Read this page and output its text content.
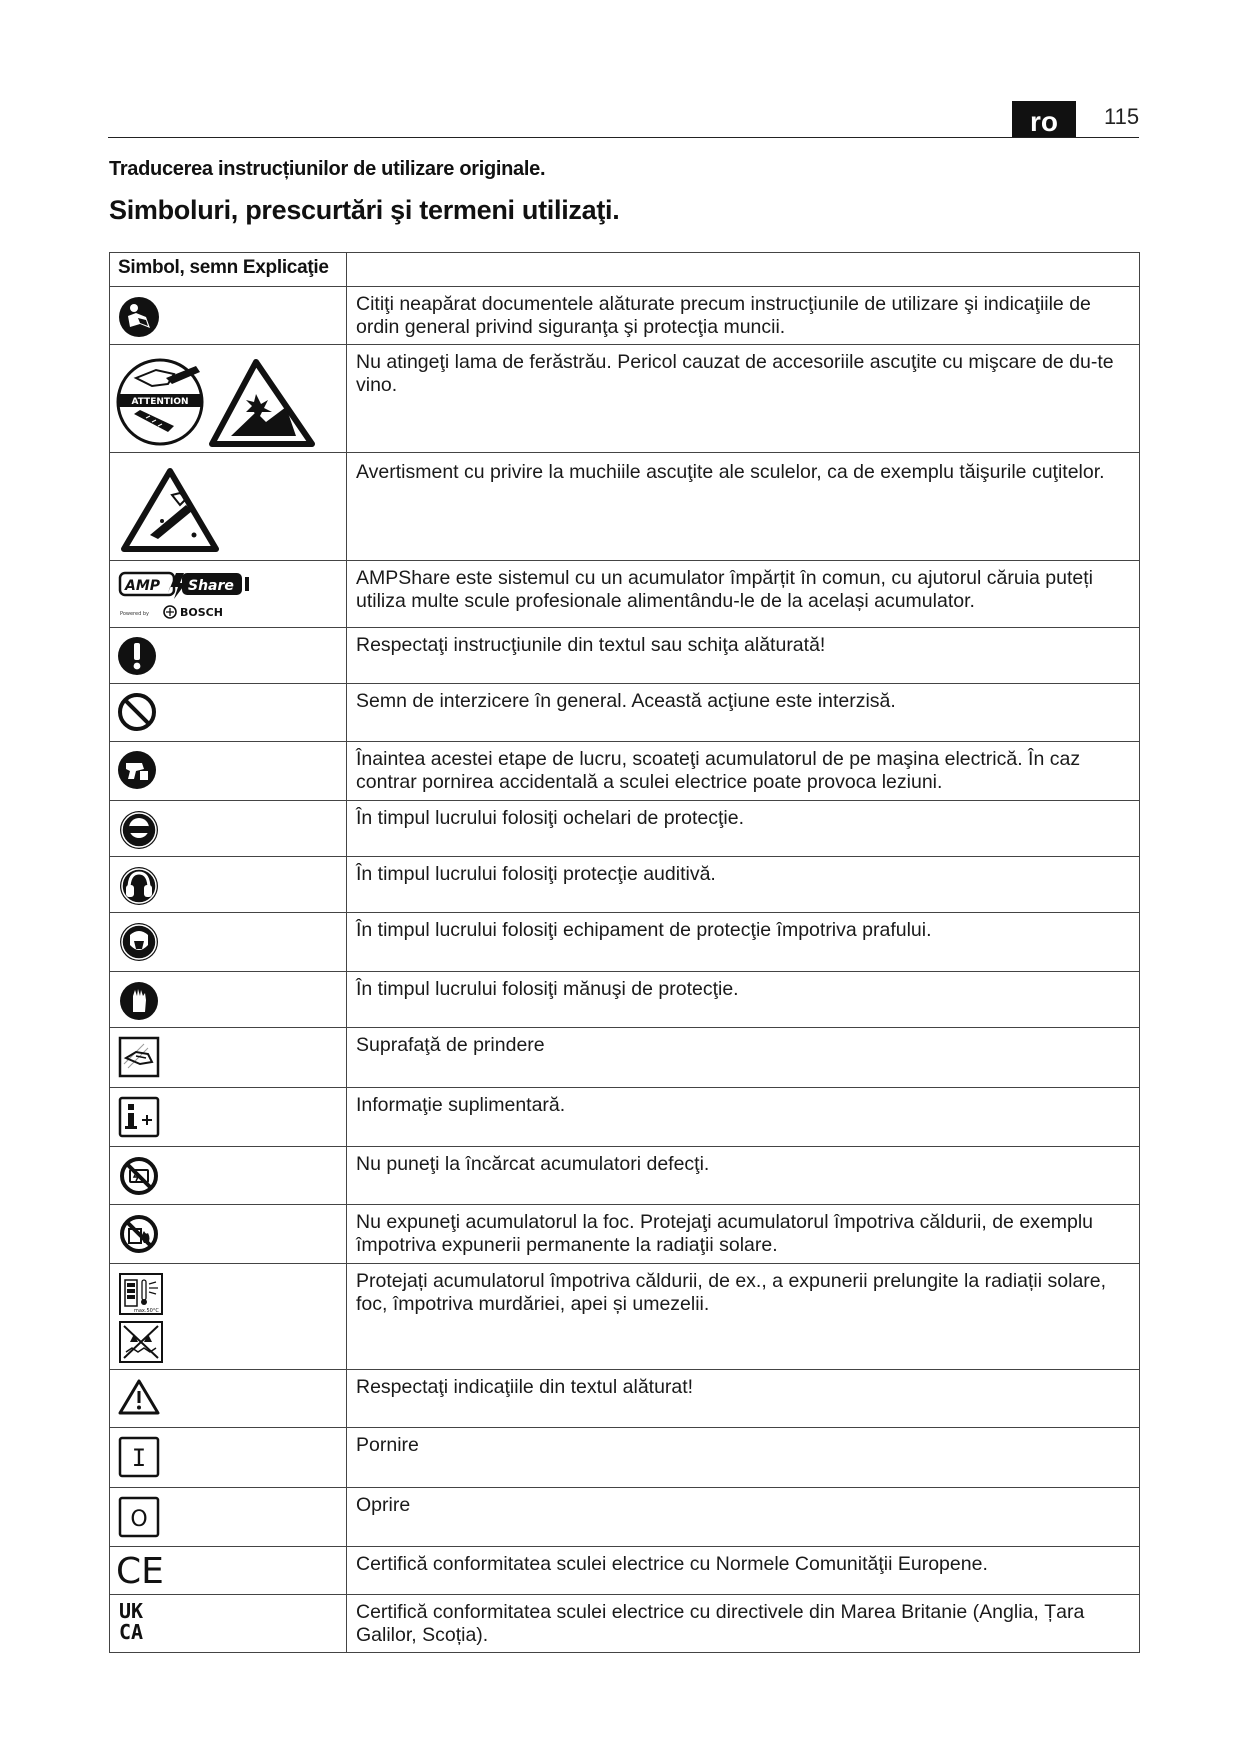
ro	115
Traducerea instrucțiunilor de utilizare originale.
Simboluri, prescurtări şi termeni utilizaţi.
Simbol, semn Explicaţie	

	Citiţi neapărat documentele alăturate precum instrucţiunile de utilizare şi indicaţiile de ordin general privind siguranţa şi protecţia muncii.

ATTENTION	Nu atingeţi lama de ferăstrău. Pericol cauzat de accesoriile ascuţite cu mişcare de du-te vino.

	Avertisment cu privire la muchiile ascuţite ale sculelor, ca de exemplu tăişurile cuţitelor.

AMP Share
Powered by BOSCH	AMPShare este sistemul cu un acumulator împărțit în comun, cu ajutorul căruia puteți utiliza multe scule profesionale alimentându-le de la același acumulator.

	Respectaţi instrucţiunile din textul sau schiţa alăturată!

	Semn de interzicere în general. Această acţiune este interzisă.

	Înaintea acestei etape de lucru, scoateţi acumulatorul de pe maşina electrică. În caz contrar pornirea accidentală a sculei electrice poate provoca leziuni.

	În timpul lucrului folosiţi ochelari de protecţie.

	În timpul lucrului folosiţi protecţie auditivă.

	În timpul lucrului folosiţi echipament de protecţie împotriva prafului.

	În timpul lucrului folosiţi mănuşi de protecţie.

	Suprafaţă de prindere

	Informaţie suplimentară.

	Nu puneţi la încărcat acumulatori defecţi.

	Nu expuneţi acumulatorul la foc. Protejaţi acumulatorul împotriva căldurii, de exemplu împotriva expunerii permanente la radiaţii solare.

max.50°C	Protejați acumulatorul împotriva căldurii, de ex., a expunerii prelungite la radiații solare, foc, împotriva murdăriei, apei și umezelii.

	Respectaţi indicaţiile din textul alăturat!

I	Pornire

O	Oprire

CE	Certifică conformitatea sculei electrice cu Normele Comunităţii Europene.

UK
CA	Certifică conformitatea sculei electrice cu directivele din Marea Britanie (Anglia, Țara Galilor, Scoția).
